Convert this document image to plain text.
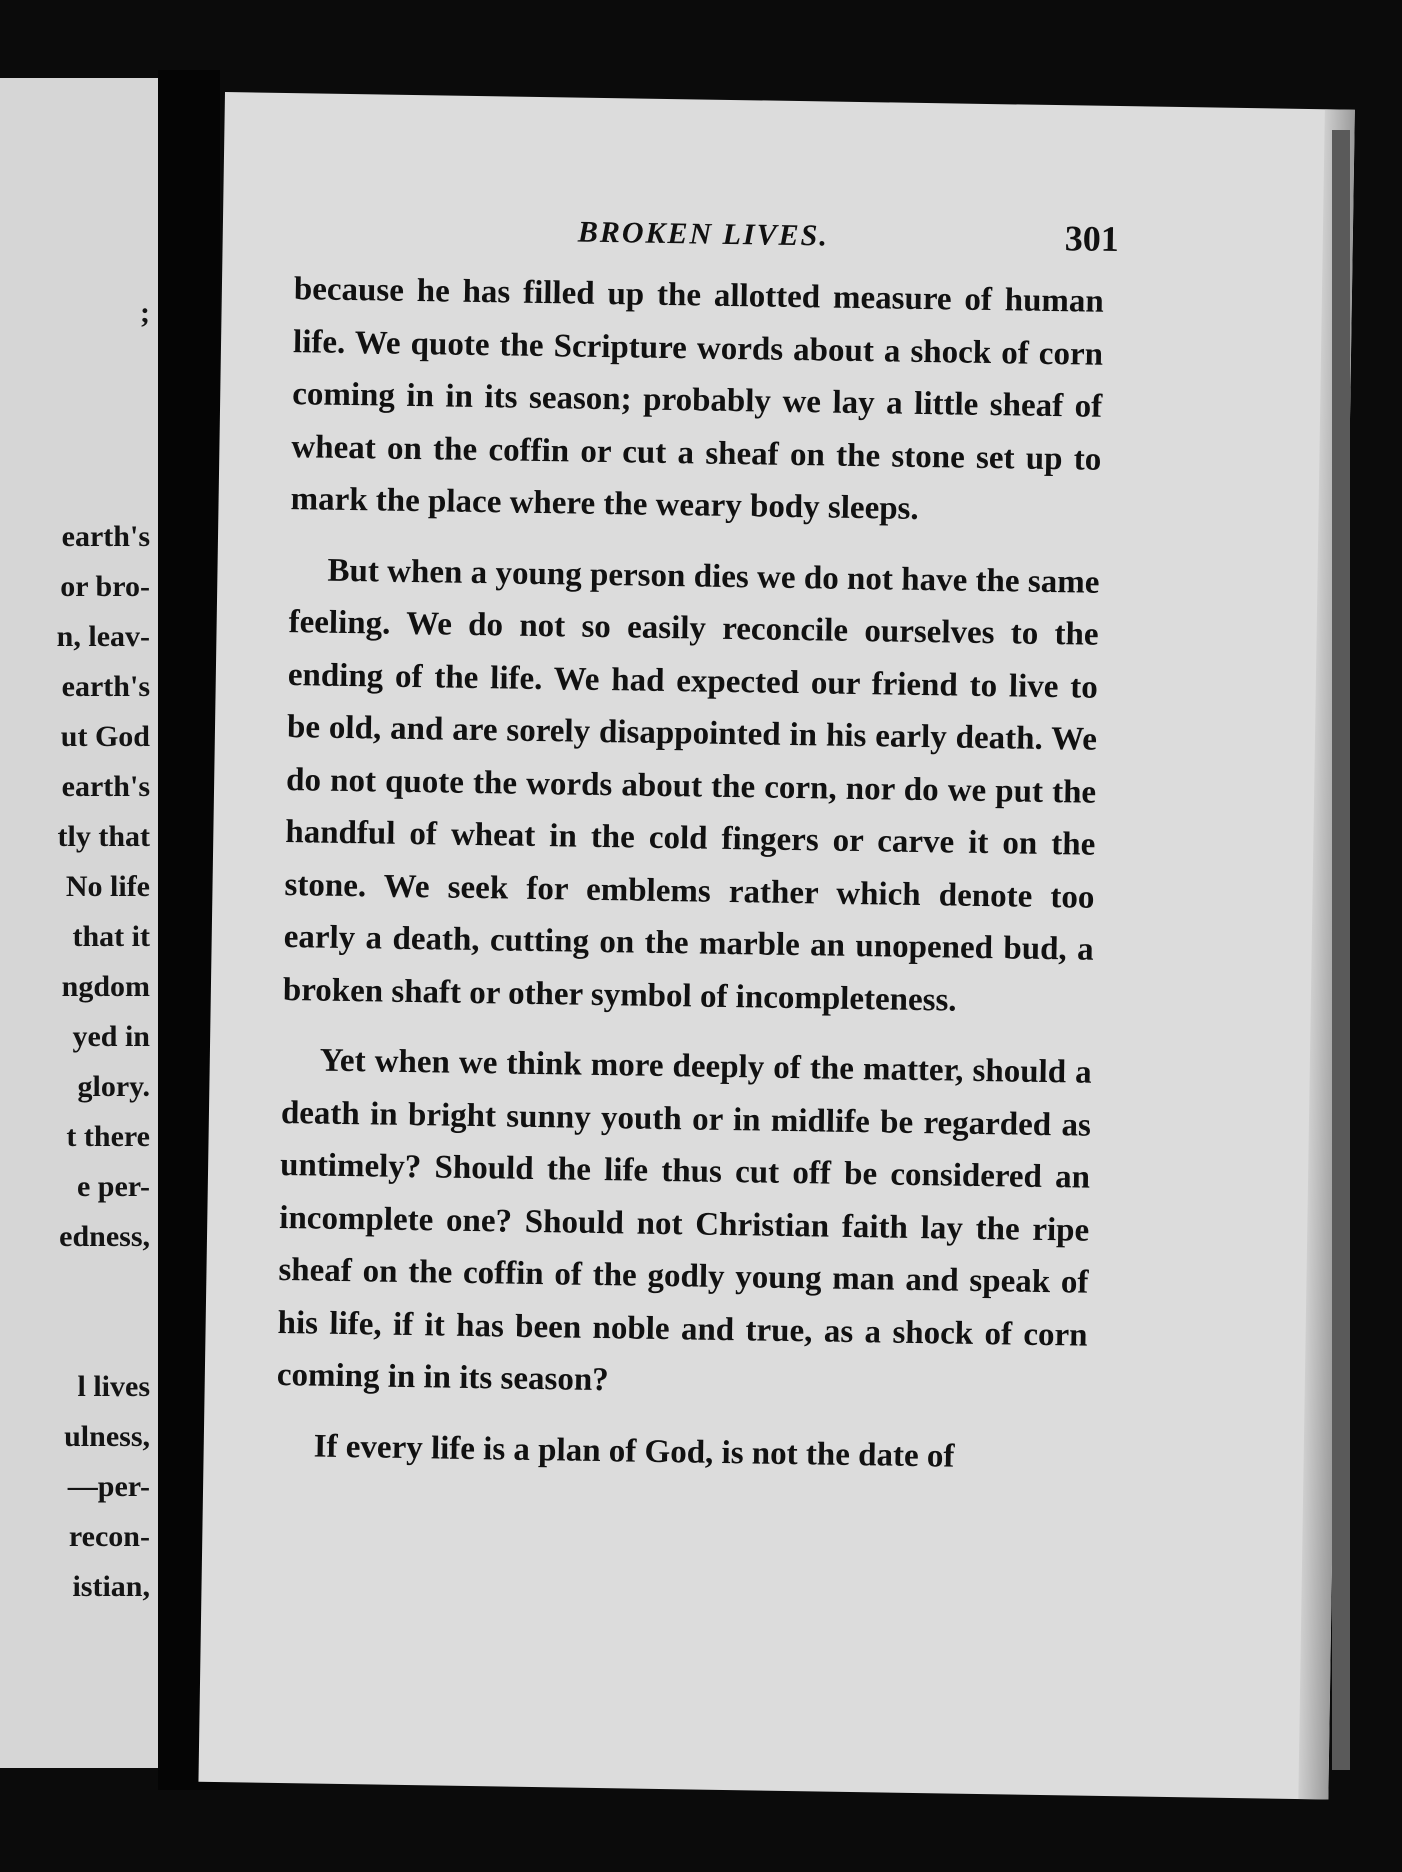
;
earth's
or bro-
n, leav-
earth's
ut God
earth's
tly that
No life
that it
ngdom
yed in
glory.
t there
e per-
edness,
l lives
ulness,
—per-
recon-
istian,
BROKEN LIVES.	301

because he has filled up the allotted measure of human life. We quote the Scripture words about a shock of corn coming in in its season; probably we lay a little sheaf of wheat on the coffin or cut a sheaf on the stone set up to mark the place where the weary body sleeps.

But when a young person dies we do not have the same feeling. We do not so easily reconcile ourselves to the ending of the life. We had expected our friend to live to be old, and are sorely disappointed in his early death. We do not quote the words about the corn, nor do we put the handful of wheat in the cold fingers or carve it on the stone. We seek for emblems rather which denote too early a death, cutting on the marble an unopened bud, a broken shaft or other symbol of incompleteness.

Yet when we think more deeply of the matter, should a death in bright sunny youth or in midlife be regarded as untimely? Should the life thus cut off be considered an incomplete one? Should not Christian faith lay the ripe sheaf on the coffin of the godly young man and speak of his life, if it has been noble and true, as a shock of corn coming in in its season?

If every life is a plan of God, is not the date of
